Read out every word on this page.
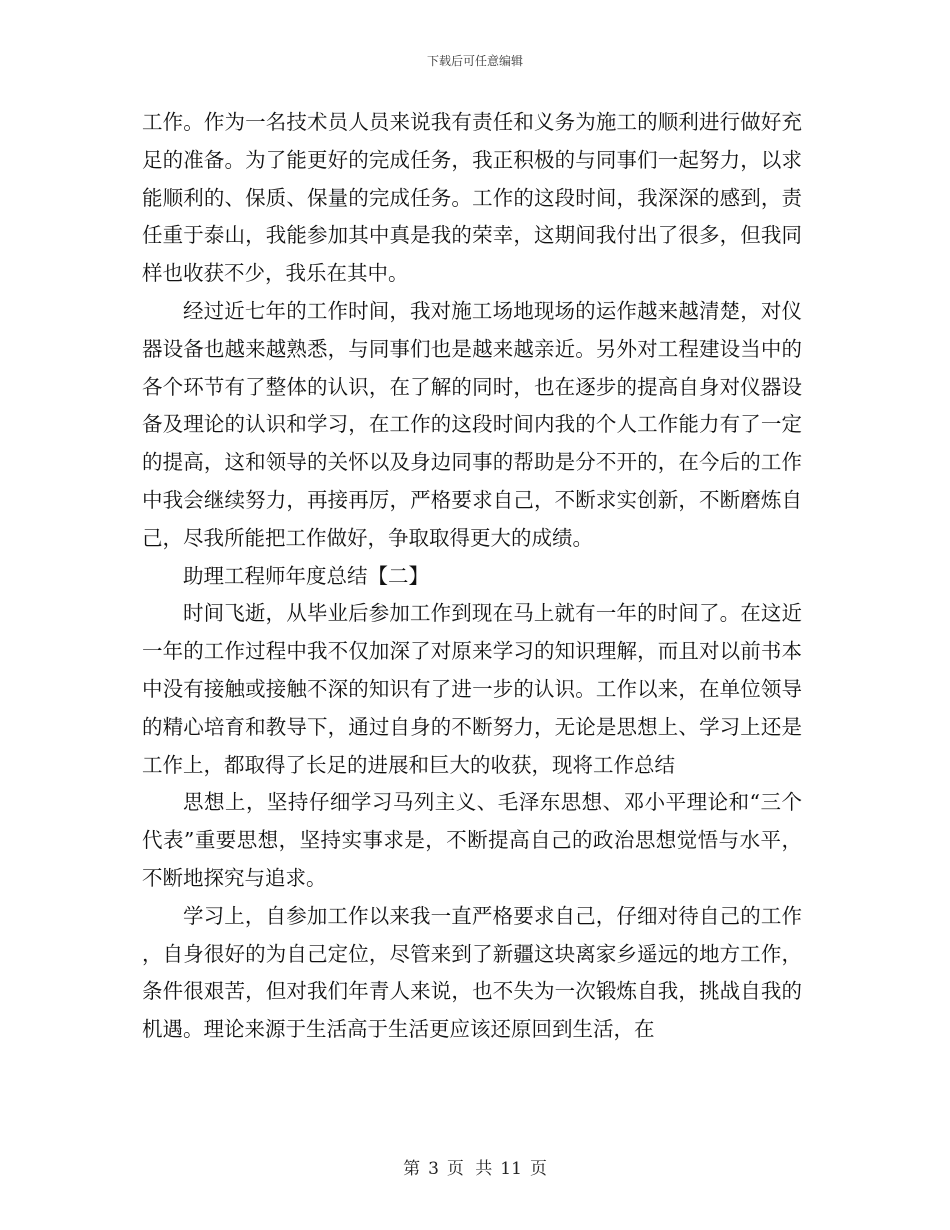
下载后可任意编辑

工作。作为一名技术员人员来说我有责任和义务为施工的顺利进行做好充足的准备。为了能更好的完成任务，我正积极的与同事们一起努力，以求能顺利的、保质、保量的完成任务。工作的这段时间，我深深的感到，责任重于泰山，我能参加其中真是我的荣幸，这期间我付出了很多，但我同样也收获不少，我乐在其中。

经过近七年的工作时间，我对施工场地现场的运作越来越清楚，对仪器设备也越来越熟悉，与同事们也是越来越亲近。另外对工程建设当中的各个环节有了整体的认识，在了解的同时，也在逐步的提高自身对仪器设备及理论的认识和学习，在工作的这段时间内我的个人工作能力有了一定的提高，这和领导的关怀以及身边同事的帮助是分不开的，在今后的工作中我会继续努力，再接再厉，严格要求自己，不断求实创新，不断磨炼自己，尽我所能把工作做好，争取取得更大的成绩。

助理工程师年度总结【二】

时间飞逝，从毕业后参加工作到现在马上就有一年的时间了。在这近一年的工作过程中我不仅加深了对原来学习的知识理解，而且对以前书本中没有接触或接触不深的知识有了进一步的认识。工作以来，在单位领导的精心培育和教导下，通过自身的不断努力，无论是思想上、学习上还是工作上，都取得了长足的进展和巨大的收获，现将工作总结

思想上，坚持仔细学习马列主义、毛泽东思想、邓小平理论和“三个代表”重要思想，坚持实事求是，不断提高自己的政治思想觉悟与水平，不断地探究与追求。

学习上，自参加工作以来我一直严格要求自己，仔细对待自己的工作，自身很好的为自己定位，尽管来到了新疆这块离家乡遥远的地方工作，条件很艰苦，但对我们年青人来说，也不失为一次锻炼自我，挑战自我的机遇。理论来源于生活高于生活更应该还原回到生活，在

第 3 页 共 11 页
